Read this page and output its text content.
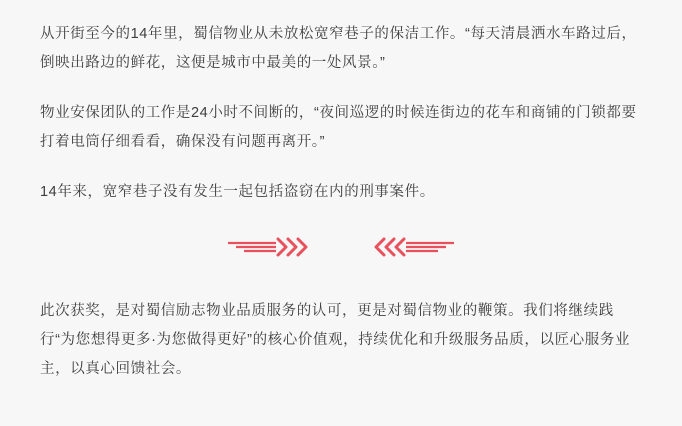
从开街至今的14年里，蜀信物业从未放松宽窄巷子的保洁工作。“每天清晨洒水车路过后，倒映出路边的鲜花，这便是城市中最美的一处风景。”

物业安保团队的工作是24小时不间断的，“夜间巡逻的时候连街边的花车和商铺的门锁都要打着电筒仔细看看，确保没有问题再离开。”

14年来，宽窄巷子没有发生一起包括盗窃在内的刑事案件。

此次获奖，是对蜀信励志物业品质服务的认可，更是对蜀信物业的鞭策。我们将继续践行“为您想得更多·为您做得更好”的核心价值观，持续优化和升级服务品质，以匠心服务业主，以真心回馈社会。
